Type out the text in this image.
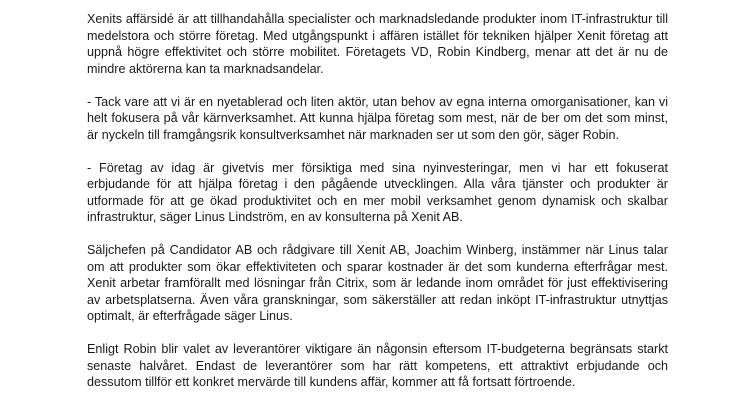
Xenits affärsidé är att tillhandahålla specialister och marknadsledande produkter inom IT-infrastruktur till medelstora och större företag. Med utgångspunkt i affären istället för tekniken hjälper Xenit företag att uppnå högre effektivitet och större mobilitet. Företagets VD, Robin Kindberg, menar att det är nu de mindre aktörerna kan ta marknadsandelar.

- Tack vare att vi är en nyetablerad och liten aktör, utan behov av egna interna omorganisationer, kan vi helt fokusera på vår kärnverksamhet. Att kunna hjälpa företag som mest, när de ber om det som minst, är nyckeln till framgångsrik konsultverksamhet när marknaden ser ut som den gör, säger Robin.

- Företag av idag är givetvis mer försiktiga med sina nyinvesteringar, men vi har ett fokuserat erbjudande för att hjälpa företag i den pågående utvecklingen. Alla våra tjänster och produkter är utformade för att ge ökad produktivitet och en mer mobil verksamhet genom dynamisk och skalbar infrastruktur, säger Linus Lindström, en av konsulterna på Xenit AB.

Säljchefen på Candidator AB och rådgivare till Xenit AB, Joachim Winberg, instämmer när Linus talar om att produkter som ökar effektiviteten och sparar kostnader är det som kunderna efterfrågar mest. Xenit arbetar framförallt med lösningar från Citrix, som är ledande inom området för just effektivisering av arbetsplatserna. Även våra granskningar, som säkerställer att redan inköpt IT-infrastruktur utnyttjas optimalt, är efterfrågade säger Linus.

Enligt Robin blir valet av leverantörer viktigare än någonsin eftersom IT-budgeterna begränsats starkt senaste halvåret. Endast de leverantörer som har rätt kompetens, ett attraktivt erbjudande och dessutom tillför ett konkret mervärde till kundens affär, kommer att få fortsatt förtroende.
